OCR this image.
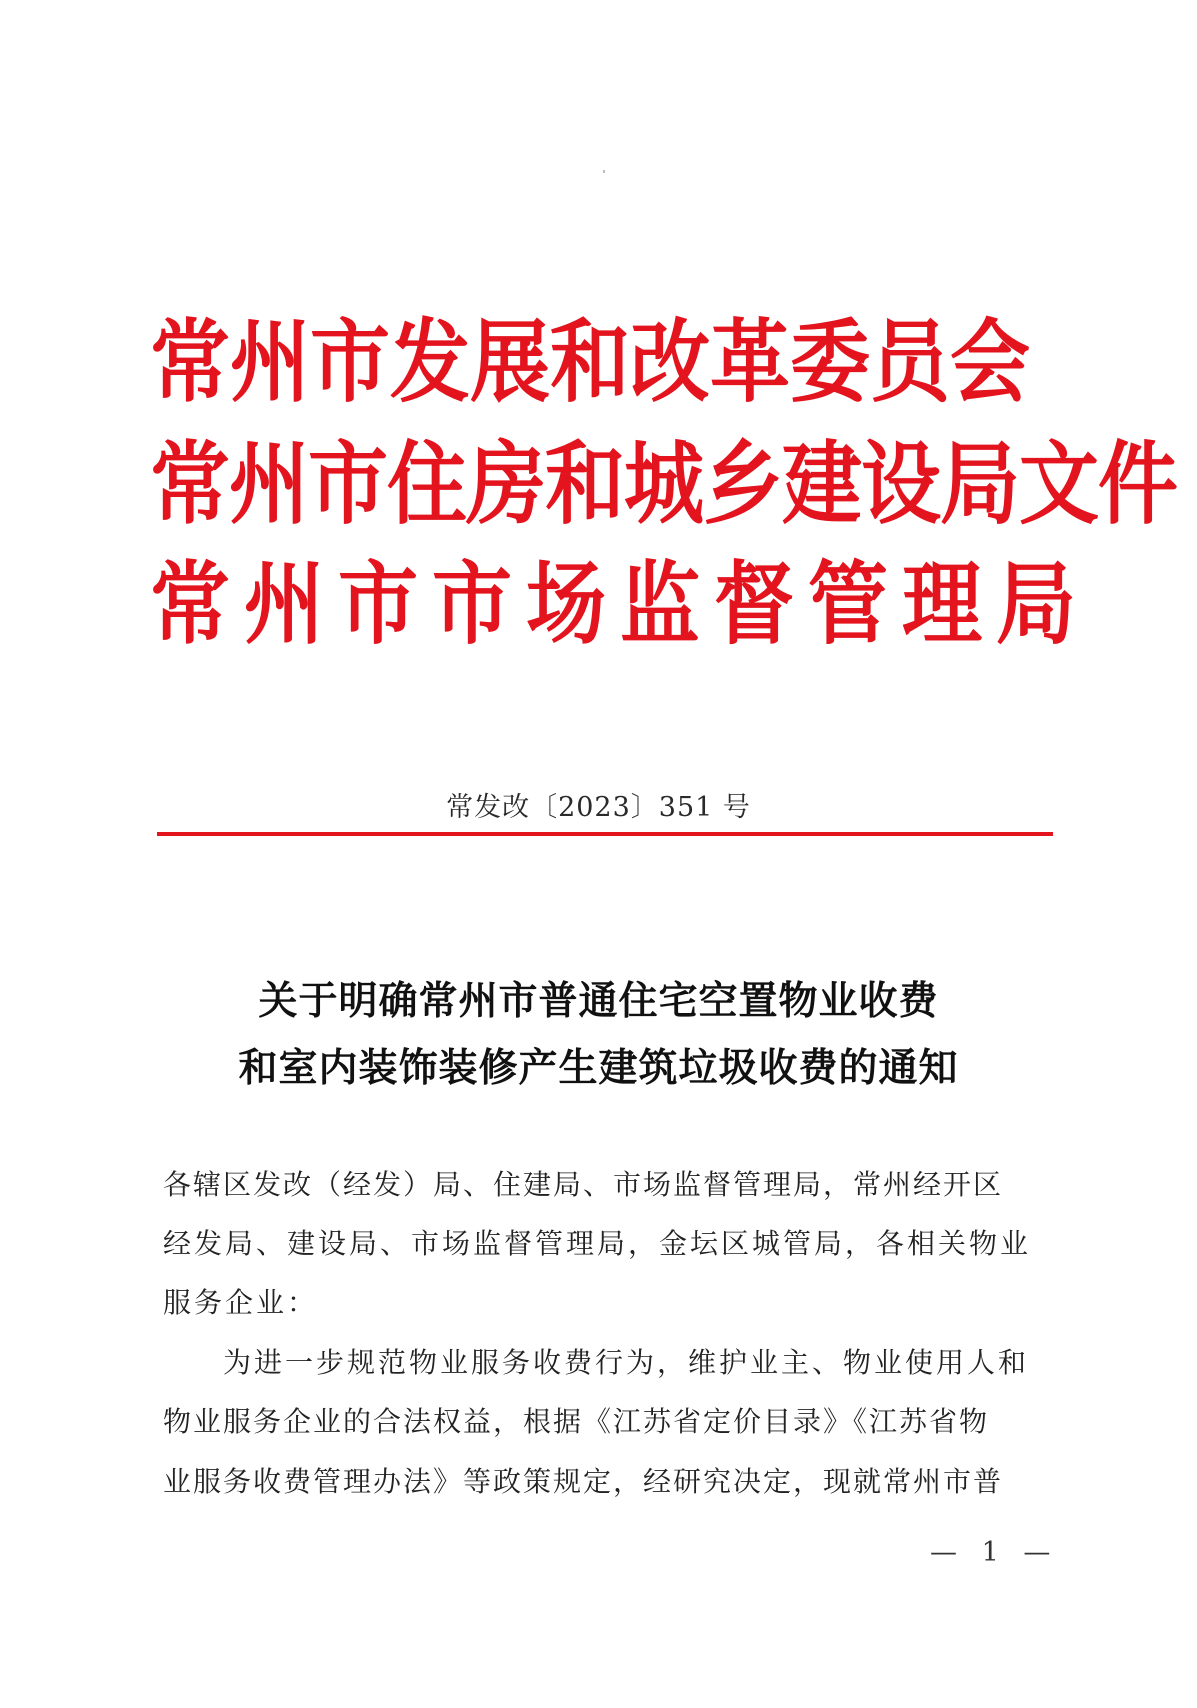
常州市发展和改革委员会

常州市住房和城乡建设局文件

常州市市场监督管理局

常发改〔2023〕351 号

关于明确常州市普通住宅空置物业收费

和室内装饰装修产生建筑垃圾收费的通知

各辖区发改（经发）局、住建局、市场监督管理局，常州经开区

经发局、建设局、市场监督管理局，金坛区城管局，各相关物业

服务企业：

为进一步规范物业服务收费行为，维护业主、物业使用人和

物业服务企业的合法权益，根据《江苏省定价目录》《江苏省物

业服务收费管理办法》等政策规定，经研究决定，现就常州市普

— 1 —
